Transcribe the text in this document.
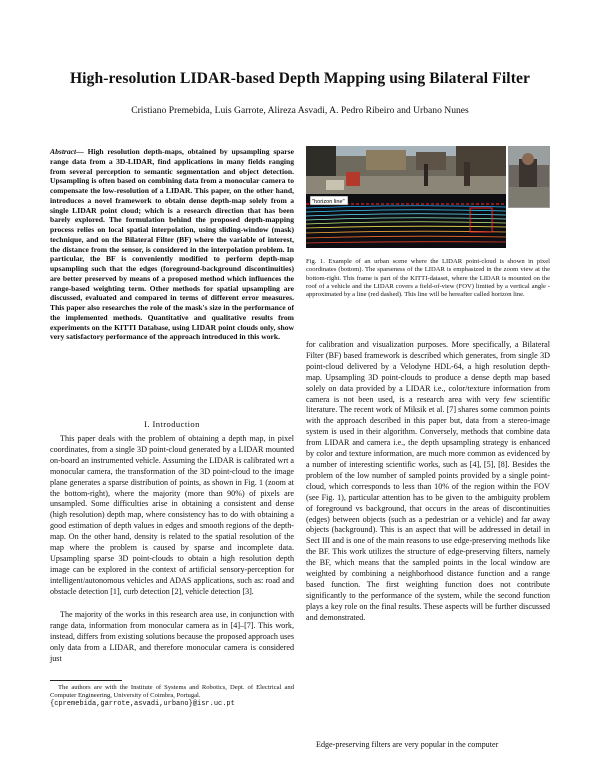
High-resolution LIDAR-based Depth Mapping using Bilateral Filter
Cristiano Premebida, Luis Garrote, Alireza Asvadi, A. Pedro Ribeiro and Urbano Nunes
Abstract— High resolution depth-maps, obtained by upsampling sparse range data from a 3D-LIDAR, find applications in many fields ranging from several perception to semantic segmentation and object detection. Upsampling is often based on combining data from a monocular camera to compensate the low-resolution of a LIDAR. This paper, on the other hand, introduces a novel framework to obtain dense depth-map solely from a single LIDAR point cloud; which is a research direction that has been barely explored. The formulation behind the proposed depth-mapping process relies on local spatial interpolation, using sliding-window (mask) technique, and on the Bilateral Filter (BF) where the variable of interest, the distance from the sensor, is considered in the interpolation problem. In particular, the BF is conveniently modified to perform depth-map upsampling such that the edges (foreground-background discontinuities) are better preserved by means of a proposed method which influences the range-based weighting term. Other methods for spatial upsampling are discussed, evaluated and compared in terms of different error measures. This paper also researches the role of the mask's size in the performance of the implemented methods. Quantitative and qualitative results from experiments on the KITTI Database, using LIDAR point clouds only, show very satisfactory performance of the approach introduced in this work.
I. Introduction
This paper deals with the problem of obtaining a depth map, in pixel coordinates, from a single 3D point-cloud generated by a LIDAR mounted on-board an instrumented vehicle. Assuming the LIDAR is calibrated wrt a monocular camera, the transformation of the 3D point-cloud to the image plane generates a sparse distribution of points, as shown in Fig. 1 (zoom at the bottom-right), where the majority (more than 90%) of pixels are unsampled. Some difficulties arise in obtaining a consistent and dense (high resolution) depth map, where consistency has to do with obtaining a good estimation of depth values in edges and smooth regions of the depth-map. On the other hand, density is related to the spatial resolution of the map where the problem is caused by sparse and incomplete data. Upsampling sparse 3D point-clouds to obtain a high resolution depth image can be explored in the context of artificial sensory-perception for intelligent/autonomous vehicles and ADAS applications, such as: road and obstacle detection [1], curb detection [2], vehicle detection [3].
The majority of the works in this research area use, in conjunction with range data, information from monocular camera as in [4]–[7]. This work, instead, differs from existing solutions because the proposed approach uses only data from a LIDAR, and therefore monocular camera is considered just
The authors are with the Institute of Systems and Robotics, Dept. of Electrical and Computer Engineering, University of Coimbra, Portugal.
{cpremebida,garrote,asvadi,urbano}@isr.uc.pt
"horizon line"
Fig. 1. Example of an urban scene where the LIDAR point-cloud is shown in pixel coordinates (bottom). The sparseness of the LIDAR is emphasized in the zoom view at the bottom-right. This frame is part of the KITTI-dataset, where the LIDAR is mounted on the roof of a vehicle and the LIDAR covers a field-of-view (FOV) limited by a vertical angle - approximated by a line (red dashed). This line will be hereafter called horizon line.
for calibration and visualization purposes. More specifically, a Bilateral Filter (BF) based framework is described which generates, from single 3D point-cloud delivered by a Velodyne HDL-64, a high resolution depth-map. Upsampling 3D point-clouds to produce a dense depth map based solely on data provided by a LIDAR i.e., color/texture information from camera is not been used, is a research area with very few scientific literature. The recent work of Miksik et al. [7] shares some common points with the approach described in this paper but, data from a stereo-image system is used in their algorithm. Conversely, methods that combine data from LIDAR and camera i.e., the depth upsampling strategy is enhanced by color and texture information, are much more common as evidenced by a number of interesting scientific works, such as [4], [5], [8]. Besides the problem of the low number of sampled points provided by a single point-cloud, which corresponds to less than 10% of the region within the FOV (see Fig. 1), particular attention has to be given to the ambiguity problem of foreground vs background, that occurs in the areas of discontinuities (edges) between objects (such as a pedestrian or a vehicle) and far away objects (background). This is an aspect that will be addressed in detail in Sect III and is one of the main reasons to use edge-preserving methods like the BF. This work utilizes the structure of edge-preserving filters, namely the BF, which means that the sampled points in the local window are weighted by combining a neighborhood distance function and a range based function. The first weighting function does not contribute significantly to the performance of the system, while the second function plays a key role on the final results. These aspects will be further discussed and demonstrated.
Edge-preserving filters are very popular in the computer
